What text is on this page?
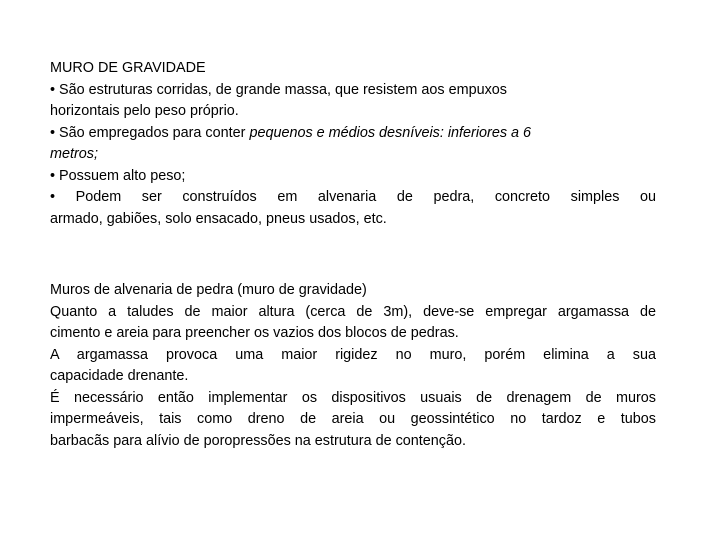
MURO DE GRAVIDADE
• São estruturas corridas, de grande massa, que resistem aos empuxos
horizontais pelo peso próprio.
• São empregados para conter pequenos e médios desníveis: inferiores a 6
metros;
• Possuem alto peso;
• Podem ser construídos em alvenaria de pedra, concreto simples ou
armado, gabiões, solo ensacado, pneus usados, etc.
Muros de alvenaria de pedra (muro de gravidade)
Quanto a taludes de maior altura (cerca de 3m), deve-se empregar argamassa de
cimento e areia para preencher os vazios dos blocos de pedras.
A argamassa provoca uma maior rigidez no muro, porém elimina a sua
capacidade drenante.
É necessário então implementar os dispositivos usuais de drenagem de muros
impermeáveis, tais como dreno de areia ou geossintético no tardoz e tubos
barbacãs para alívio de poropressões na estrutura de contenção.
